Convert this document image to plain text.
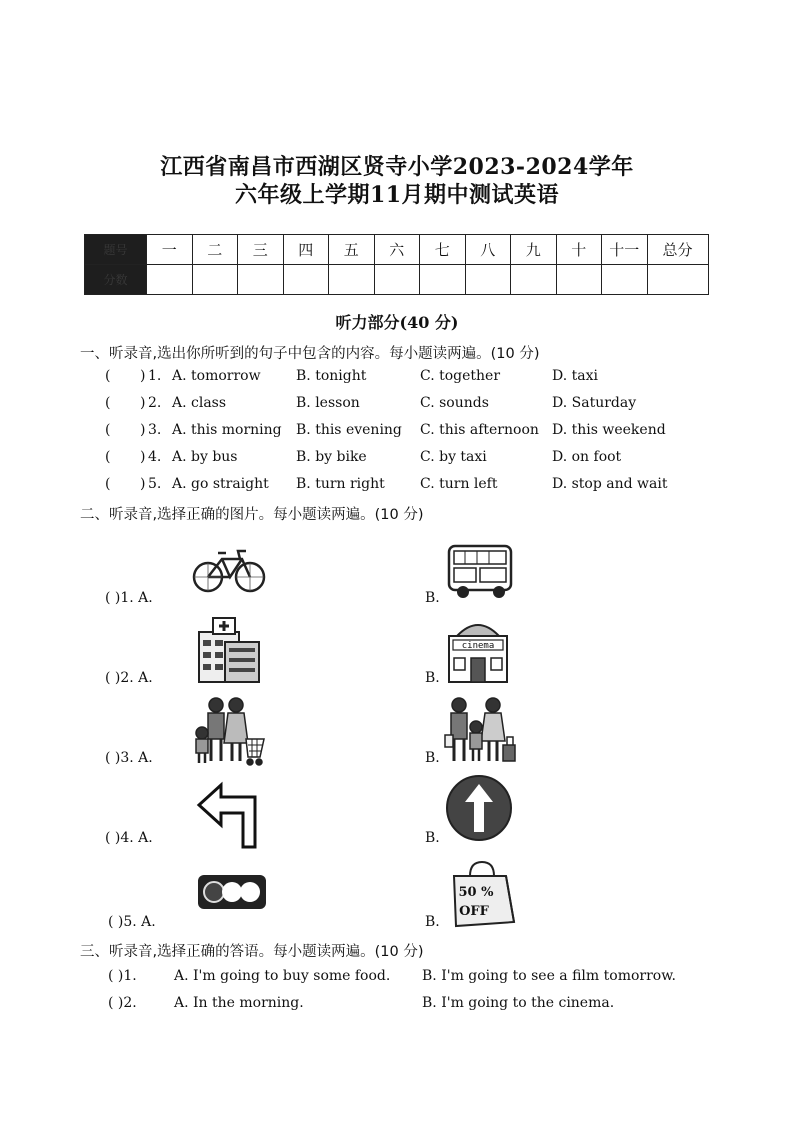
江西省南昌市西湖区贤寺小学2023-2024学年
六年级上学期11月期中测试英语
题号	一	二	三	四	五	六	七	八	九	十	十一	总分
分数												
听力部分(40 分)
一、听录音,选出你所听到的句子中包含的内容。每小题读两遍。(10 分)
( ) 1. A. tomorrow	B. tonight	C. together	D. taxi
( ) 2. A. class	B. lesson	C. sounds	D. Saturday
( ) 3. A. this morning B. this evening C. this afternoon D. this weekend
( ) 4. A. by bus	B. by bike	C. by taxi	D. on foot
( ) 5. A. go straight B. turn right	C. turn left	D. stop and wait
二、听录音,选择正确的图片。每小题读两遍。(10 分)
( )1. A.	B.
( )2. A.	B.
cinema
( )3. A.	B.
( )4. A.	B.
( )5. A.	B.
50 %
OFF
三、听录音,选择正确的答语。每小题读两遍。(10 分)
( )1.	A. I'm going to buy some food. B. I'm going to see a film tomorrow.
( )2.	A. In the morning.	B. I'm going to the cinema.
